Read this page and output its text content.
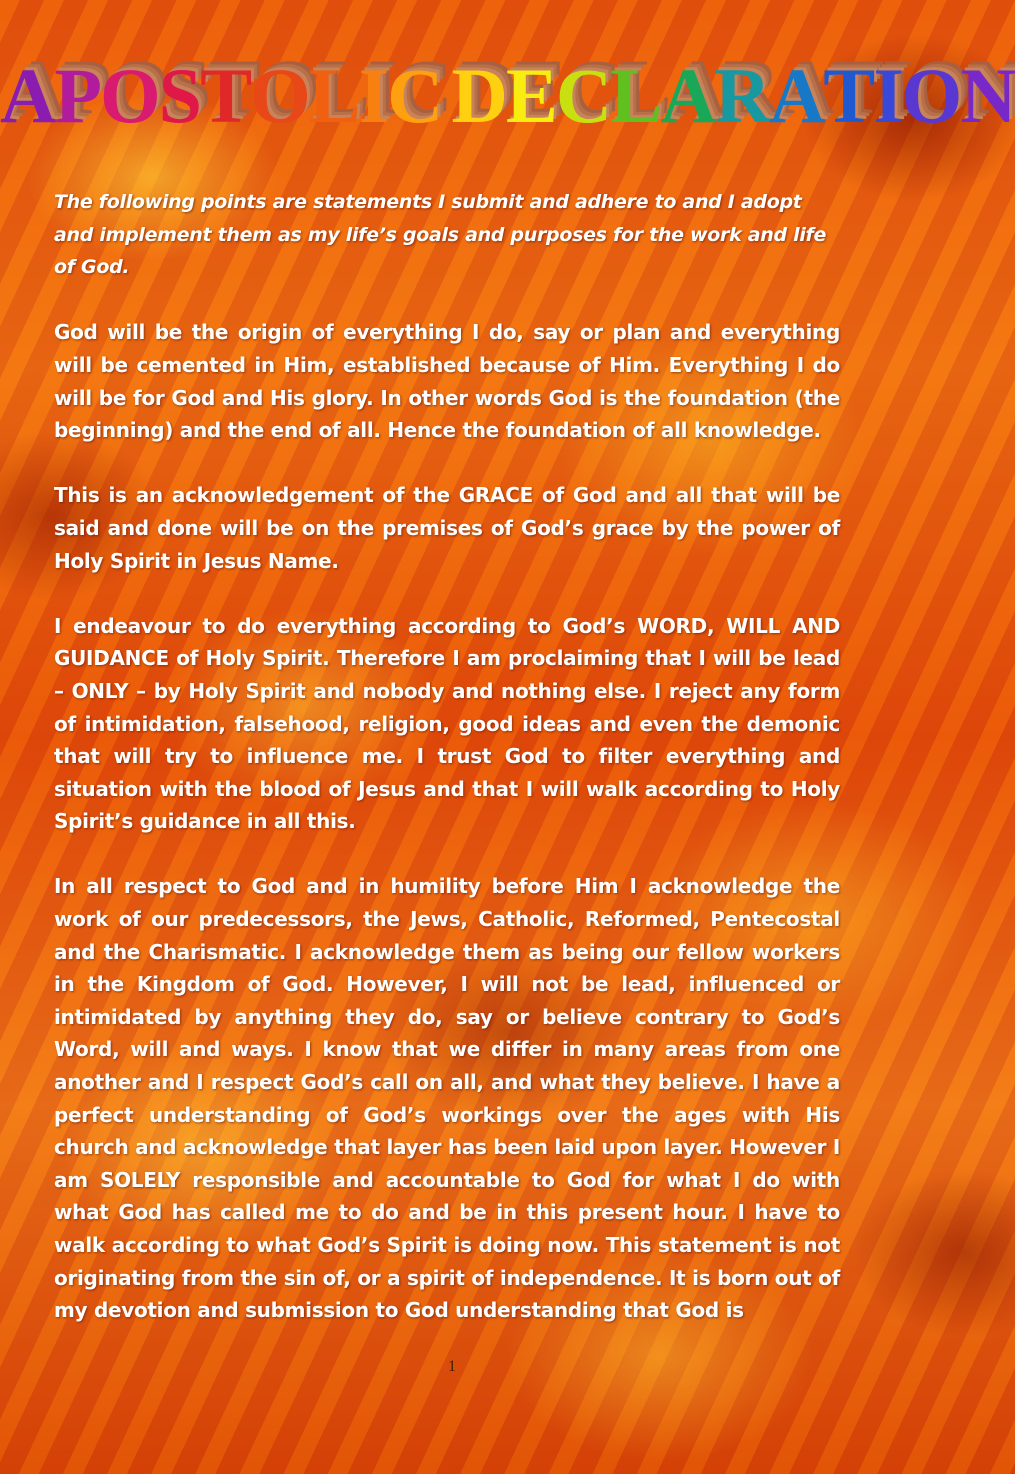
APOSTOLIC DECLARATION

The following points are statements I submit and adhere to and I adopt and implement them as my life’s goals and purposes for the work and life of God.

God will be the origin of everything I do, say or plan and everything will be cemented in Him, established because of Him. Everything I do will be for God and His glory. In other words God is the foundation (the beginning) and the end of all. Hence the foundation of all knowledge.

This is an acknowledgement of the GRACE of God and all that will be said and done will be on the premises of God’s grace by the power of Holy Spirit in Jesus Name.

I endeavour to do everything according to God’s WORD, WILL AND GUIDANCE of Holy Spirit. Therefore I am proclaiming that I will be lead – ONLY – by Holy Spirit and nobody and nothing else. I reject any form of intimidation, falsehood, religion, good ideas and even the demonic that will try to influence me. I trust God to filter everything and situation with the blood of Jesus and that I will walk according to Holy Spirit’s guidance in all this.

In all respect to God and in humility before Him I acknowledge the work of our predecessors, the Jews, Catholic, Reformed, Pentecostal and the Charismatic. I acknowledge them as being our fellow workers in the Kingdom of God. However, I will not be lead, influenced or intimidated by anything they do, say or believe contrary to God’s Word, will and ways. I know that we differ in many areas from one another and I respect God’s call on all, and what they believe. I have a perfect understanding of God’s workings over the ages with His church and acknowledge that layer has been laid upon layer. However I am SOLELY responsible and accountable to God for what I do with what God has called me to do and be in this present hour. I have to walk according to what God’s Spirit is doing now. This statement is not originating from the sin of, or a spirit of independence. It is born out of my devotion and submission to God understanding that God is

1
